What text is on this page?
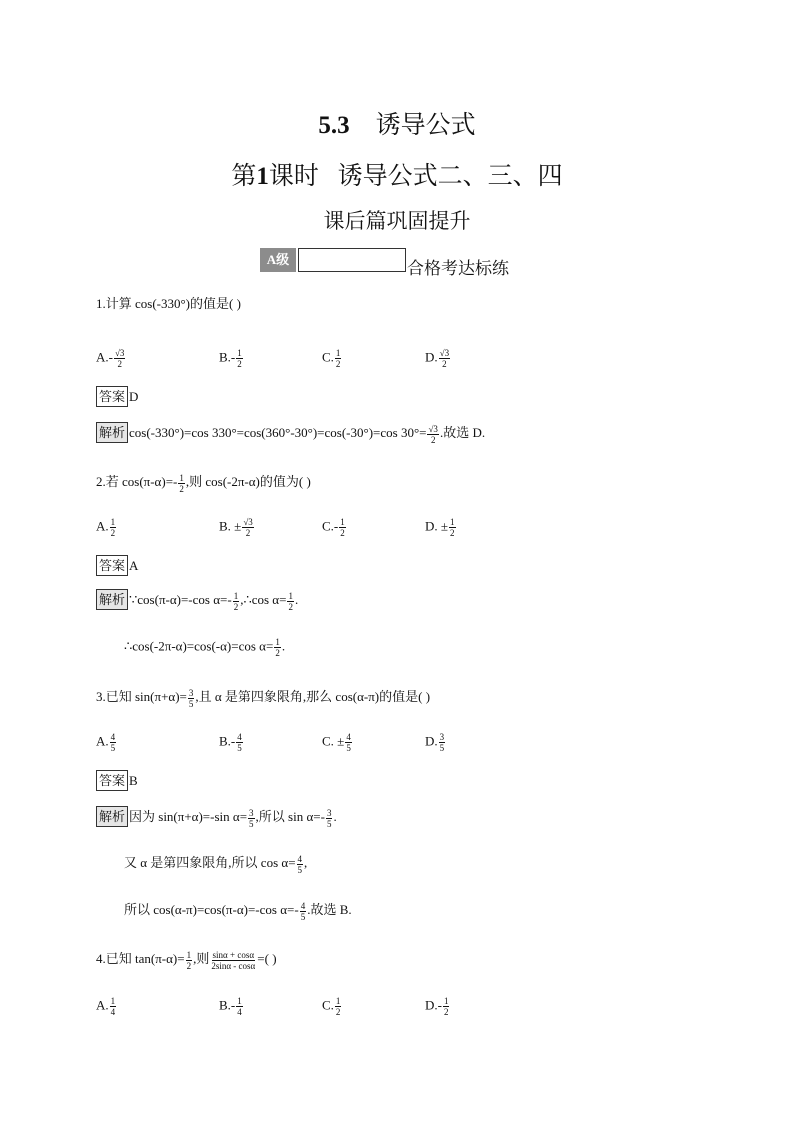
5.3 诱导公式
第1课时 诱导公式二、三、四
课后篇巩固提升
A级	合格考达标练
1.计算 cos(-330°)的值是( )
$A.- \frac{√3}{2}$	$B.- \frac{1}{2}$	C. $\frac{1}{2}$	D. $\frac{√3}{2}$
答案 D
解析 cos(-330°)=cos 330°=cos(360°-30°)=cos(-30°)=cos $30^\circ= \frac{√3}{2}$ .故选 D.
2.若 $\cos(\pi-\alpha)=- \frac{1}{2}$ ,则 cos(-2π-α)的值为( )
A. $\frac{1}{2}$	B. ± $\frac{√3}{2}$	$C.- \frac{1}{2}$	D. ± $\frac{1}{2}$
答案 A
解析 ∵cos(π-α)=-cos $\alpha=- \frac{1}{2}$ ,∴cos $\alpha= \frac{1}{2}$ .
∴cos(-2π-α)=cos(-α)=cos $\alpha= \frac{1}{2}$ .
3.已知 $\sin(\pi+\alpha)= \frac{3}{5}$ ,且 α 是第四象限角,那么 cos(α-π)的值是( )
A. $\frac{4}{5}$	$B.- \frac{4}{5}$	C. ± $\frac{4}{5}$	D. $\frac{3}{5}$
答案 B
解析 因为 sin(π+α)=-sin $\alpha= \frac{3}{5}$ ,所以 $\sin \alpha=- \frac{3}{5}$ .
又 α 是第四象限角,所以 $\cos \alpha= \frac{4}{5}$ ,
所以 cos(α-π)=cos(π-α)=-cos $\alpha=- \frac{4}{5}$ .故选 B.
4.已知 $\tan(\pi-\alpha)= \frac{1}{2}$ ,则 $\frac{\sin\alpha + \cos\alpha}{2\sin\alpha - \cos\alpha}$ =( )
A. $\frac{1}{4}$	$B.- \frac{1}{4}$	C. $\frac{1}{2}$	$D.- \frac{1}{2}$
